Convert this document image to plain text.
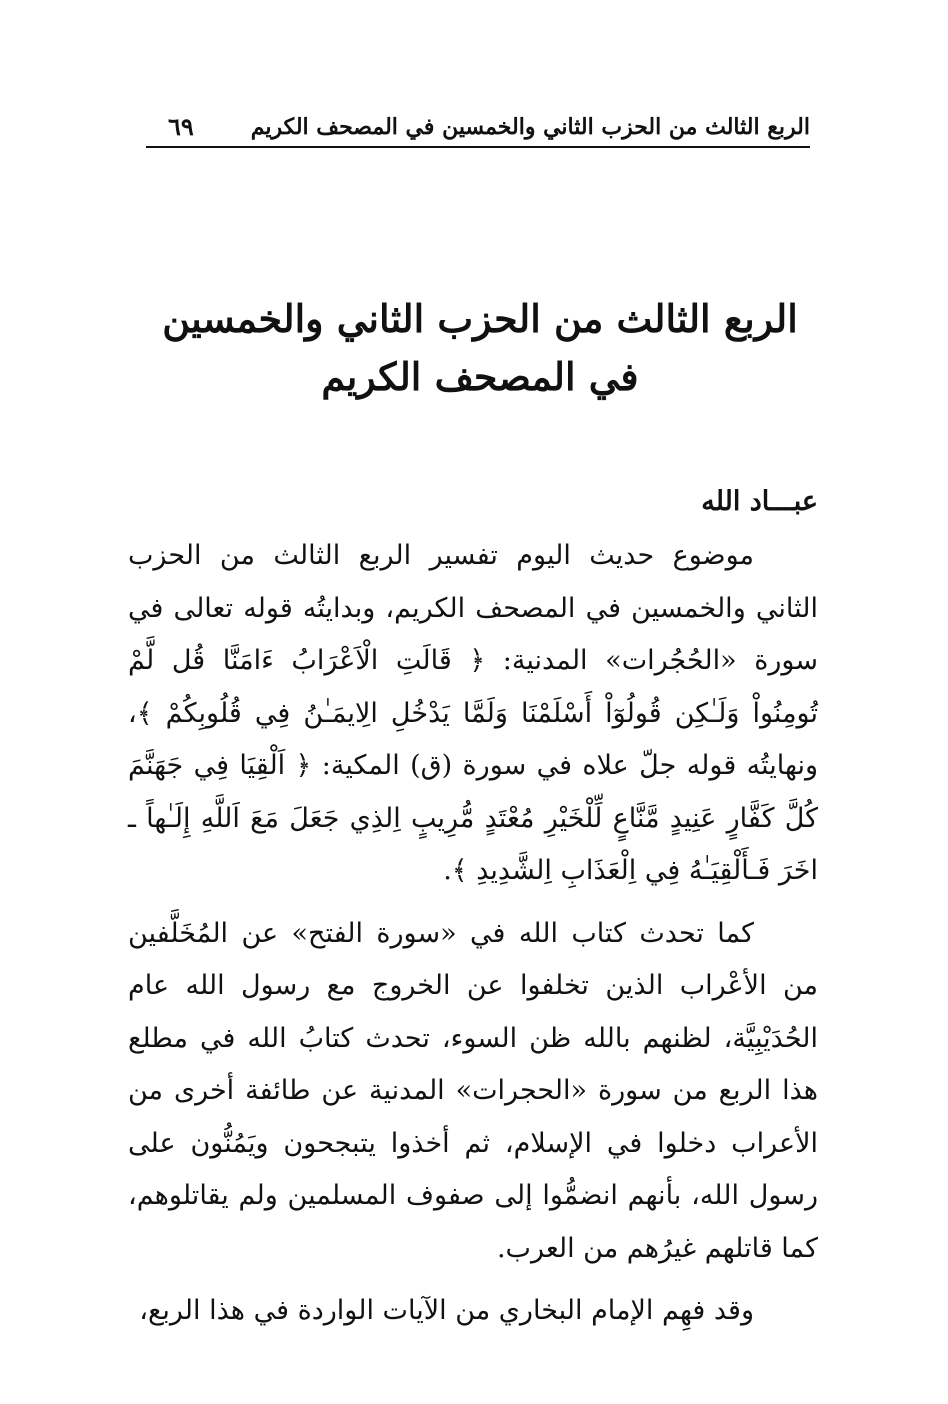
الربع الثالث من الحزب الثاني والخمسين في المصحف الكريم
٦٩
الربع الثالث من الحزب الثاني والخمسين
في المصحف الكريم
عبـــاد الله

موضوع حديث اليوم تفسير الربع الثالث من الحزب الثاني والخمسين في المصحف الكريم، وبدايتُه قوله تعالى في سورة «الحُجُرات» المدنية: ﴿ قَالَتِ الْاَعْرَابُ ءَامَنَّا قُل لَّمْ تُومِنُواْ وَلَـٰكِن قُولُوٓاْ أَسْلَمْنَا وَلَمَّا يَدْخُلِ الِايمَـٰنُ فِي قُلُوبِكُمْ ﴾، ونهايتُه قوله جلّ علاه في سورة (ق) المكية: ﴿ اَلْقِيَا فِي جَهَنَّمَ كُلَّ كَفَّارٍ عَنِيدٍ مَّنَّاعٍ لِّلْخَيْرِ مُعْتَدٍ مُّرِيبٍ اِلذِي جَعَلَ مَعَ اَللَّهِ إِلَـٰهاً ـ اخَرَ فَـأَلْقِيَـٰهُ فِي اِلْعَذَابِ اِلشَّدِيدِ ﴾.

كما تحدث كتاب الله في «سورة الفتح» عن المُخَلَّفين من الأعْراب الذين تخلفوا عن الخروج مع رسول الله عام الحُدَيْبِيَّة، لظنهم بالله ظن السوء، تحدث كتابُ الله في مطلع هذا الربع من سورة «الحجرات» المدنية عن طائفة أخرى من الأعراب دخلوا في الإسلام، ثم أخذوا يتبجحون ويَمُنُّون على رسول الله، بأنهم انضمُّوا إلى صفوف المسلمين ولم يقاتلوهم، كما قاتلهم غيرُهم من العرب.

وقد فهِم الإمام البخاري من الآيات الواردة في هذا الربع،
